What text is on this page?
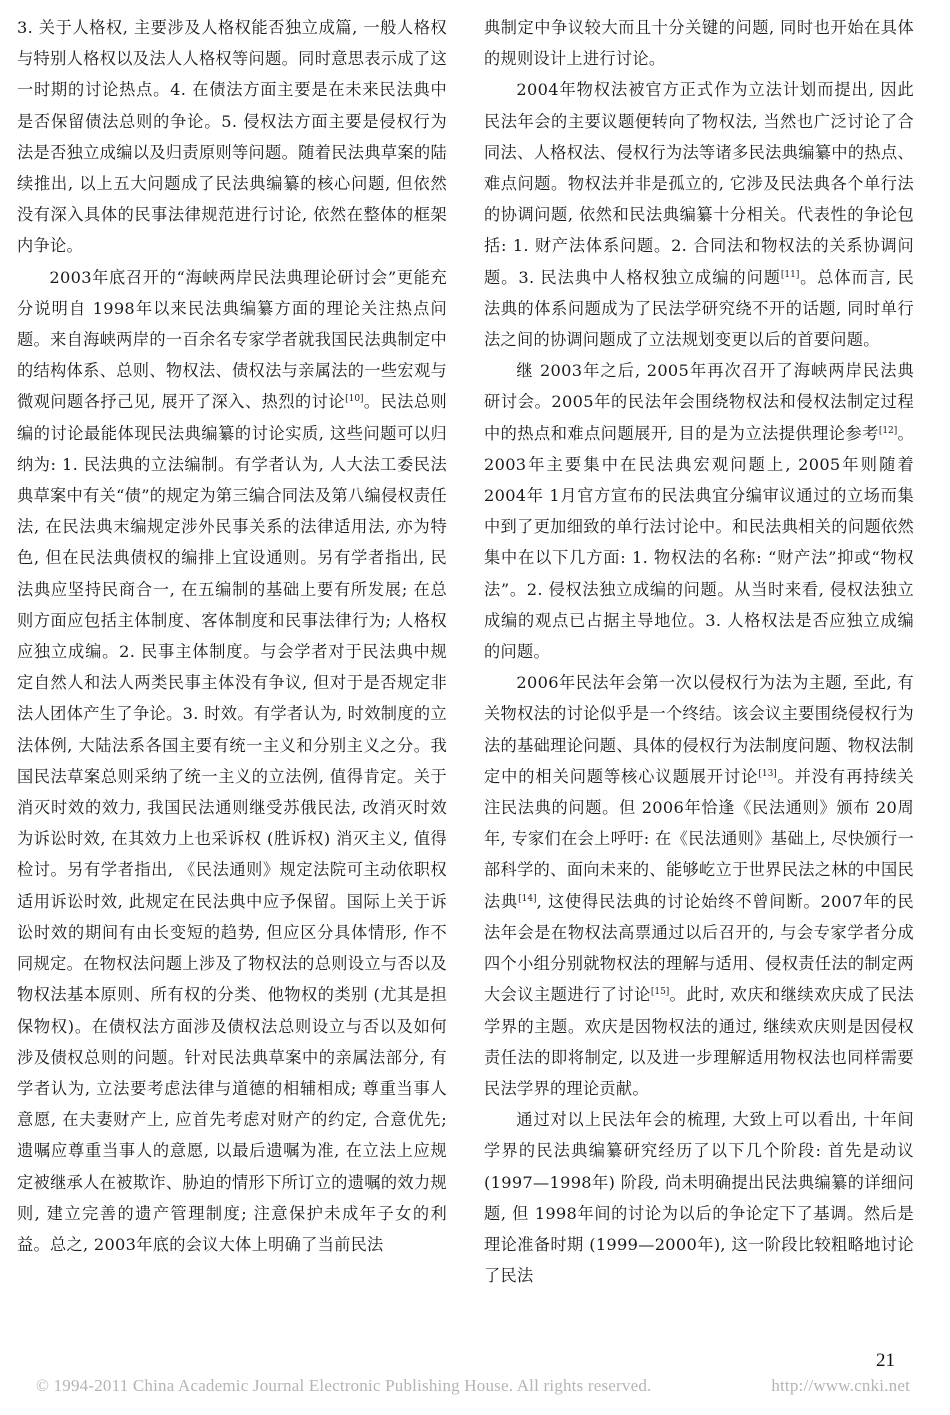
3. 关于人格权, 主要涉及人格权能否独立成篇, 一般人格权与特别人格权以及法人人格权等问题。同时意思表示成了这一时期的讨论热点。4. 在债法方面主要是在未来民法典中是否保留债法总则的争论。5. 侵权法方面主要是侵权行为法是否独立成编以及归责原则等问题。随着民法典草案的陆续推出, 以上五大问题成了民法典编纂的核心问题, 但依然没有深入具体的民事法律规范进行讨论, 依然在整体的框架内争论。

2003年底召开的“海峡两岸民法典理论研讨会”更能充分说明自 1998年以来民法典编纂方面的理论关注热点问题。来自海峡两岸的一百余名专家学者就我国民法典制定中的结构体系、总则、物权法、债权法与亲属法的一些宏观与微观问题各抒己见, 展开了深入、热烈的讨论[10]。民法总则编的讨论最能体现民法典编纂的讨论实质, 这些问题可以归纳为: 1. 民法典的立法编制。有学者认为, 人大法工委民法典草案中有关“债”的规定为第三编合同法及第八编侵权责任法, 在民法典末编规定涉外民事关系的法律适用法, 亦为特色, 但在民法典债权的编排上宜设通则。另有学者指出, 民法典应坚持民商合一, 在五编制的基础上要有所发展; 在总则方面应包括主体制度、客体制度和民事法律行为; 人格权应独立成编。2. 民事主体制度。与会学者对于民法典中规定自然人和法人两类民事主体没有争议, 但对于是否规定非法人团体产生了争论。3. 时效。有学者认为, 时效制度的立法体例, 大陆法系各国主要有统一主义和分别主义之分。我国民法草案总则采纳了统一主义的立法例, 值得肯定。关于消灭时效的效力, 我国民法通则继受苏俄民法, 改消灭时效为诉讼时效, 在其效力上也采诉权 (胜诉权) 消灭主义, 值得检讨。另有学者指出, 《民法通则》规定法院可主动依职权适用诉讼时效, 此规定在民法典中应予保留。国际上关于诉讼时效的期间有由长变短的趋势, 但应区分具体情形, 作不同规定。在物权法问题上涉及了物权法的总则设立与否以及物权法基本原则、所有权的分类、他物权的类别 (尤其是担保物权)。在债权法方面涉及债权法总则设立与否以及如何涉及债权总则的问题。针对民法典草案中的亲属法部分, 有学者认为, 立法要考虑法律与道德的相辅相成; 尊重当事人意愿, 在夫妻财产上, 应首先考虑对财产的约定, 合意优先; 遗嘱应尊重当事人的意愿, 以最后遗嘱为准, 在立法上应规定被继承人在被欺诈、胁迫的情形下所订立的遗嘱的效力规则, 建立完善的遗产管理制度; 注意保护未成年子女的利益。总之, 2003年底的会议大体上明确了当前民法

典制定中争议较大而且十分关键的问题, 同时也开始在具体的规则设计上进行讨论。

2004年物权法被官方正式作为立法计划而提出, 因此民法年会的主要议题便转向了物权法, 当然也广泛讨论了合同法、人格权法、侵权行为法等诸多民法典编纂中的热点、难点问题。物权法并非是孤立的, 它涉及民法典各个单行法的协调问题, 依然和民法典编纂十分相关。代表性的争论包括: 1. 财产法体系问题。2. 合同法和物权法的关系协调问题。3. 民法典中人格权独立成编的问题[11]。总体而言, 民法典的体系问题成为了民法学研究绕不开的话题, 同时单行法之间的协调问题成了立法规划变更以后的首要问题。

继 2003年之后, 2005年再次召开了海峡两岸民法典研讨会。2005年的民法年会围绕物权法和侵权法制定过程中的热点和难点问题展开, 目的是为立法提供理论参考[12]。2003年主要集中在民法典宏观问题上, 2005年则随着 2004年 1月官方宣布的民法典宜分编审议通过的立场而集中到了更加细致的单行法讨论中。和民法典相关的问题依然集中在以下几方面: 1. 物权法的名称: “财产法”抑或“物权法”。2. 侵权法独立成编的问题。从当时来看, 侵权法独立成编的观点已占据主导地位。3. 人格权法是否应独立成编的问题。

2006年民法年会第一次以侵权行为法为主题, 至此, 有关物权法的讨论似乎是一个终结。该会议主要围绕侵权行为法的基础理论问题、具体的侵权行为法制度问题、物权法制定中的相关问题等核心议题展开讨论[13]。并没有再持续关注民法典的问题。但 2006年恰逢《民法通则》颁布 20周年, 专家们在会上呼吁: 在《民法通则》基础上, 尽快颁行一部科学的、面向未来的、能够屹立于世界民法之林的中国民法典[14], 这使得民法典的讨论始终不曾间断。2007年的民法年会是在物权法高票通过以后召开的, 与会专家学者分成四个小组分别就物权法的理解与适用、侵权责任法的制定两大会议主题进行了讨论[15]。此时, 欢庆和继续欢庆成了民法学界的主题。欢庆是因物权法的通过, 继续欢庆则是因侵权责任法的即将制定, 以及进一步理解适用物权法也同样需要民法学界的理论贡献。

通过对以上民法年会的梳理, 大致上可以看出, 十年间学界的民法典编纂研究经历了以下几个阶段: 首先是动议 (1997—1998年) 阶段, 尚未明确提出民法典编纂的详细问题, 但 1998年间的讨论为以后的争论定下了基调。然后是理论准备时期 (1999—2000年), 这一阶段比较粗略地讨论了民法

21
© 1994-2011 China Academic Journal Electronic Publishing House. All rights reserved.	http://www.cnki.net
